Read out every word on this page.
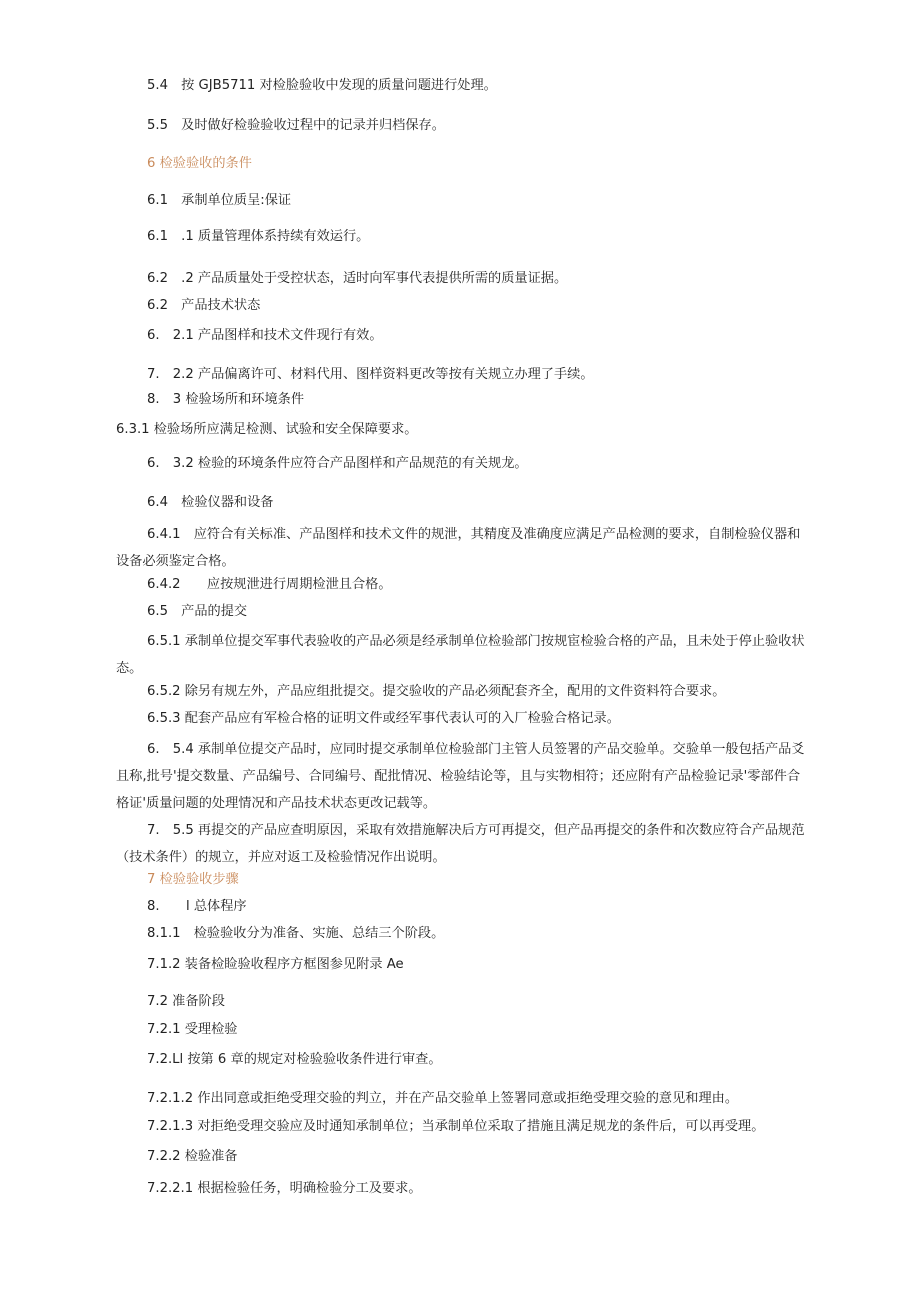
5.4　按 GJB5711 对检脸验收中发现的质量问题进行处理。
5.5　及时做好检验验收过程中的记录并归档保存。
6 检验验收的条件
6.1　承制单位质呈:保证
6.1　.1 质量管理体系持续有效运行。
6.2　.2 产品质量处于受控状态，适时向军事代表提供所需的质量证据。
6.2　产品技术状态
6.　2.1 产品图样和技术文件现行有效。
7.　2.2 产品偏离许可、材料代用、图样资料更改等按有关规立办理了手续。
8.　3 检验场所和环境条件
6.3.1 检验场所应满足检测、试验和安全保障要求。
6.　3.2 检验的环境条件应符合产品图样和产品规范的有关规龙。
6.4　检验仪器和设备
6.4.1　应符合有关标准、产品图样和技术文件的规泄，其精度及准确度应满足产品检测的要求，自制检验仪器和设备必须鉴定合格。
6.4.2　　应按规泄进行周期检泄且合格。
6.5　产品的提交
6.5.1 承制单位提交军事代表验收的产品必须是经承制单位检验部门按规宦检验合格的产品，且未处于停止验收状态。
6.5.2 除另有规左外，产品应组批提交。提交验收的产品必须配套齐全，配用的文件资料符合要求。
6.5.3 配套产品应有军检合格的证明文件或经军事代表认可的入厂检验合格记录。
6.　5.4 承制单位提交产品时，应同时提交承制单位检验部门主管人员签署的产品交验单。交验单一般包括产品爻且称,批号'提交数量、产品编号、合同编号、配批情况、检验结论等，且与实物相符；还应附有产品检验记录'零部件合格证'质量问题的处理情况和产品技术状态更改记载等。
7.　5.5 再提交的产品应查明原因，采取有效措施解决后方可再提交，但产品再提交的条件和次数应符合产品规范（技术条件）的规立，并应对返工及检验情况作出说明。
7 检验验收步骤
8.　　l 总体程序
8.1.1　检验验收分为准备、实施、总结三个阶段。
7.1.2 装备检睑验收程序方框图参见附录 Ae
7.2 准备阶段
7.2.1 受理检验
7.2.Ll 按第 6 章的规定对检验验收条件进行审查。
7.2.1.2 作出同意或拒绝受理交验的判立，并在产品交验单上签署同意或拒绝受理交验的意见和理由。
7.2.1.3 对拒绝受理交验应及时通知承制单位；当承制单位采取了措施且满足规龙的条件后，可以再受理。
7.2.2 检验准备
7.2.2.1 根据检验任务，明确检验分工及要求。
